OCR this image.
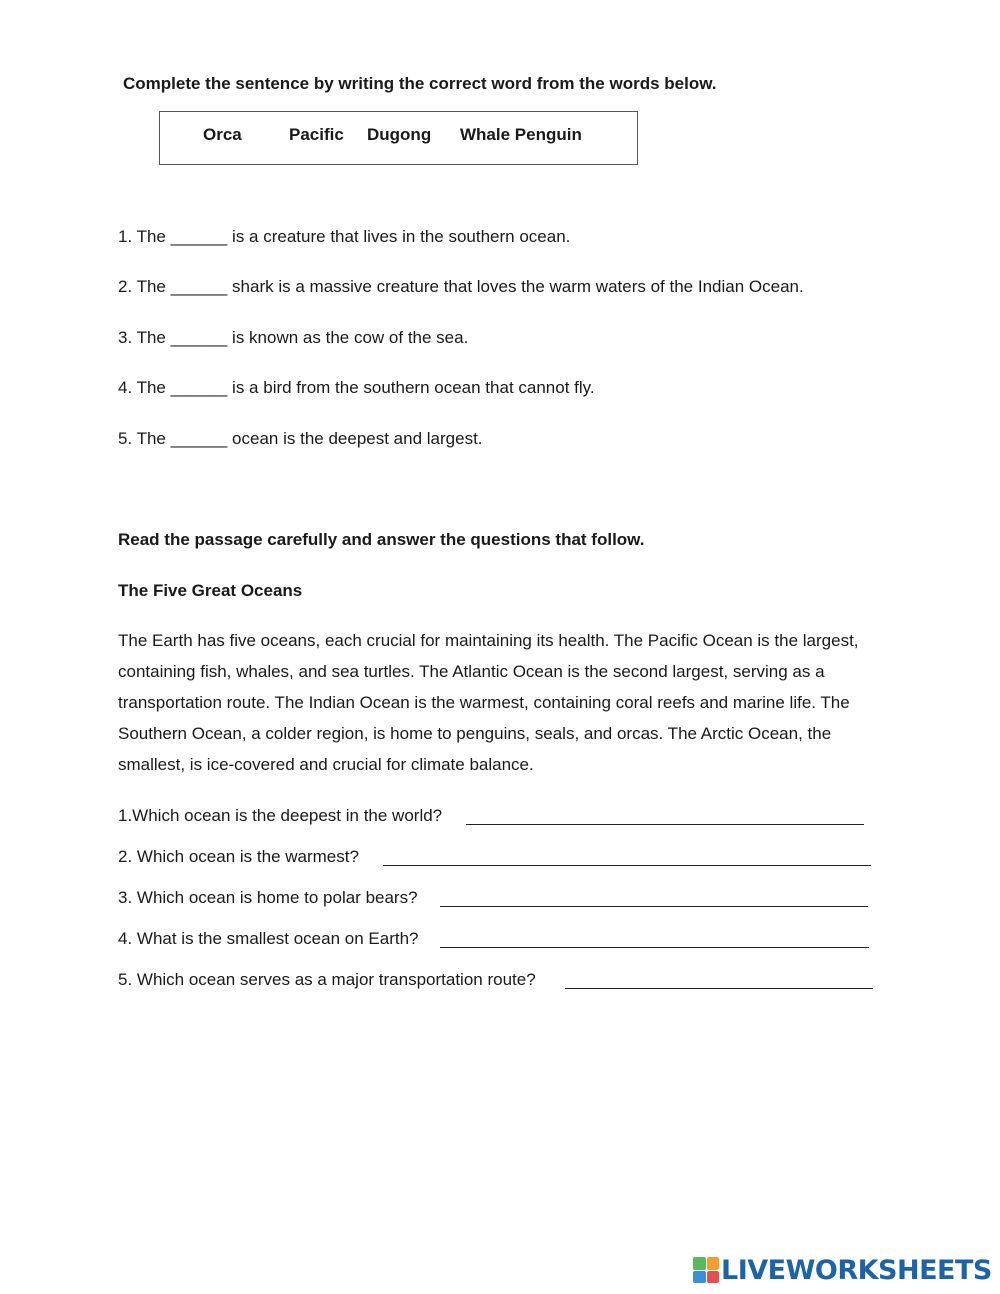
Complete the sentence by writing the correct word from the words below.
Orca	Pacific Dugong Whale Penguin
1. The ______ is a creature that lives in the southern ocean.
2. The ______ shark is a massive creature that loves the warm waters of the Indian Ocean.
3. The ______ is known as the cow of the sea.
4. The ______ is a bird from the southern ocean that cannot fly.
5. The ______ ocean is the deepest and largest.
Read the passage carefully and answer the questions that follow.
The Five Great Oceans
The Earth has five oceans, each crucial for maintaining its health. The Pacific Ocean is the largest, containing fish, whales, and sea turtles. The Atlantic Ocean is the second largest, serving as a transportation route. The Indian Ocean is the warmest, containing coral reefs and marine life. The Southern Ocean, a colder region, is home to penguins, seals, and orcas. The Arctic Ocean, the smallest, is ice-covered and crucial for climate balance.
1.Which ocean is the deepest in the world?
2. Which ocean is the warmest?
3. Which ocean is home to polar bears?
4. What is the smallest ocean on Earth?
5. Which ocean serves as a major transportation route?
LIVEWORKSHEETS
